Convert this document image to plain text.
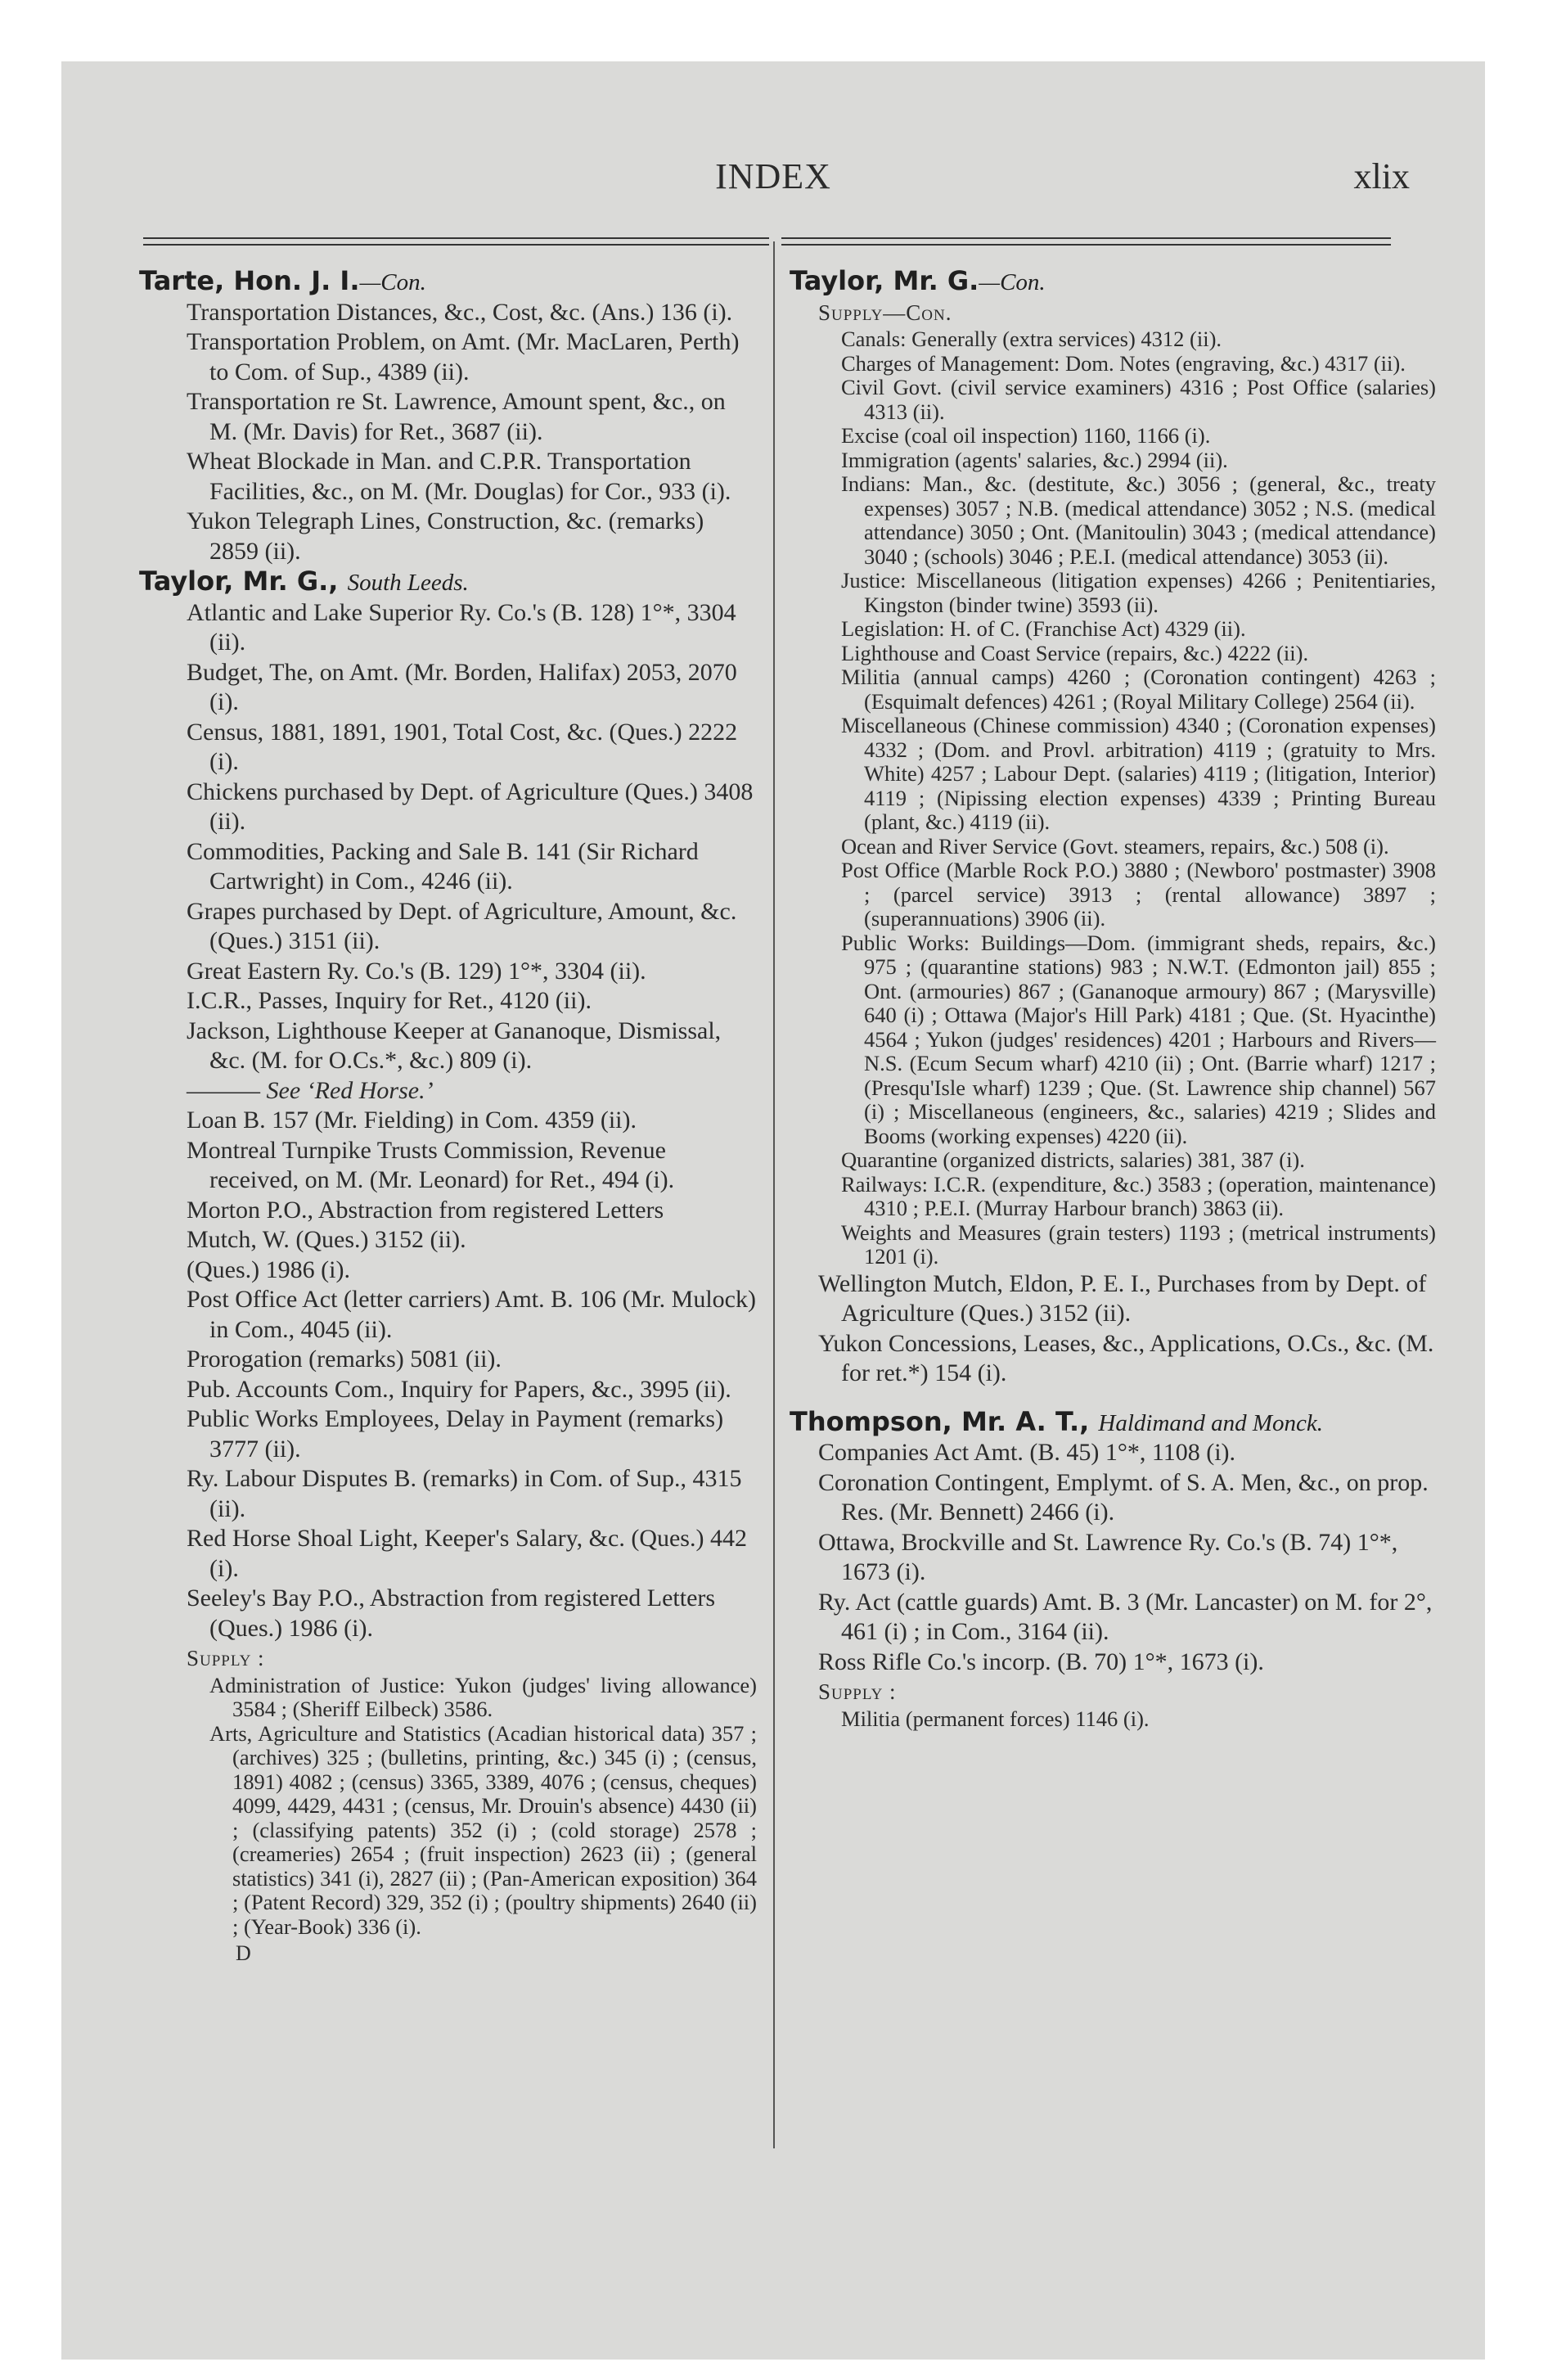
INDEX	xlix
Tarte, Hon. J. I.—Con.
Transportation Distances, &c., Cost, &c. (Ans.) 136 (i).
Transportation Problem, on Amt. (Mr. MacLaren, Perth) to Com. of Sup., 4389 (ii).
Transportation re St. Lawrence, Amount spent, &c., on M. (Mr. Davis) for Ret., 3687 (ii).
Wheat Blockade in Man. and C.P.R. Transportation Facilities, &c., on M. (Mr. Douglas) for Cor., 933 (i).
Yukon Telegraph Lines, Construction, &c. (remarks) 2859 (ii).
Taylor, Mr. G., South Leeds.
Atlantic and Lake Superior Ry. Co.'s (B. 128) 1°*, 3304 (ii).
Budget, The, on Amt. (Mr. Borden, Halifax) 2053, 2070 (i).
Census, 1881, 1891, 1901, Total Cost, &c. (Ques.) 2222 (i).
Chickens purchased by Dept. of Agriculture (Ques.) 3408 (ii).
Commodities, Packing and Sale B. 141 (Sir Richard Cartwright) in Com., 4246 (ii).
Grapes purchased by Dept. of Agriculture, Amount, &c. (Ques.) 3151 (ii).
Great Eastern Ry. Co.'s (B. 129) 1°*, 3304 (ii).
I.C.R., Passes, Inquiry for Ret., 4120 (ii).
Jackson, Lighthouse Keeper at Gananoque, Dismissal, &c. (M. for O.Cs.*, &c.) 809 (i).
——— See ‘Red Horse.’
Loan B. 157 (Mr. Fielding) in Com. 4359 (ii).
Montreal Turnpike Trusts Commission, Revenue received, on M. (Mr. Leonard) for Ret., 494 (i).
Morton P.O., Abstraction from registered Letters
Mutch, W. (Ques.) 3152 (ii).
(Ques.) 1986 (i).
Post Office Act (letter carriers) Amt. B. 106 (Mr. Mulock) in Com., 4045 (ii).
Prorogation (remarks) 5081 (ii).
Pub. Accounts Com., Inquiry for Papers, &c., 3995 (ii).
Public Works Employees, Delay in Payment (remarks) 3777 (ii).
Ry. Labour Disputes B. (remarks) in Com. of Sup., 4315 (ii).
Red Horse Shoal Light, Keeper's Salary, &c. (Ques.) 442 (i).
Seeley's Bay P.O., Abstraction from registered Letters (Ques.) 1986 (i).
Supply :
Administration of Justice: Yukon (judges' living allowance) 3584 ; (Sheriff Eilbeck) 3586.
Arts, Agriculture and Statistics (Acadian historical data) 357 ; (archives) 325 ; (bulletins, printing, &c.) 345 (i) ; (census, 1891) 4082 ; (census) 3365, 3389, 4076 ; (census, cheques) 4099, 4429, 4431 ; (census, Mr. Drouin's absence) 4430 (ii) ; (classifying patents) 352 (i) ; (cold storage) 2578 ; (creameries) 2654 ; (fruit inspection) 2623 (ii) ; (general statistics) 341 (i), 2827 (ii) ; (Pan-American exposition) 364 ; (Patent Record) 329, 352 (i) ; (poultry shipments) 2640 (ii) ; (Year-Book) 336 (i).
D
Taylor, Mr. G.—Con.
Supply—Con.
Canals: Generally (extra services) 4312 (ii).
Charges of Management: Dom. Notes (engraving, &c.) 4317 (ii).
Civil Govt. (civil service examiners) 4316 ; Post Office (salaries) 4313 (ii).
Excise (coal oil inspection) 1160, 1166 (i).
Immigration (agents' salaries, &c.) 2994 (ii).
Indians: Man., &c. (destitute, &c.) 3056 ; (general, &c., treaty expenses) 3057 ; N.B. (medical attendance) 3052 ; N.S. (medical attendance) 3050 ; Ont. (Manitoulin) 3043 ; (medical attendance) 3040 ; (schools) 3046 ; P.E.I. (medical attendance) 3053 (ii).
Justice: Miscellaneous (litigation expenses) 4266 ; Penitentiaries, Kingston (binder twine) 3593 (ii).
Legislation: H. of C. (Franchise Act) 4329 (ii).
Lighthouse and Coast Service (repairs, &c.) 4222 (ii).
Militia (annual camps) 4260 ; (Coronation contingent) 4263 ; (Esquimalt defences) 4261 ; (Royal Military College) 2564 (ii).
Miscellaneous (Chinese commission) 4340 ; (Coronation expenses) 4332 ; (Dom. and Provl. arbitration) 4119 ; (gratuity to Mrs. White) 4257 ; Labour Dept. (salaries) 4119 ; (litigation, Interior) 4119 ; (Nipissing election expenses) 4339 ; Printing Bureau (plant, &c.) 4119 (ii).
Ocean and River Service (Govt. steamers, repairs, &c.) 508 (i).
Post Office (Marble Rock P.O.) 3880 ; (Newboro' postmaster) 3908 ; (parcel service) 3913 ; (rental allowance) 3897 ; (superannuations) 3906 (ii).
Public Works: Buildings—Dom. (immigrant sheds, repairs, &c.) 975 ; (quarantine stations) 983 ; N.W.T. (Edmonton jail) 855 ; Ont. (armouries) 867 ; (Gananoque armoury) 867 ; (Marysville) 640 (i) ; Ottawa (Major's Hill Park) 4181 ; Que. (St. Hyacinthe) 4564 ; Yukon (judges' residences) 4201 ; Harbours and Rivers—N.S. (Ecum Secum wharf) 4210 (ii) ; Ont. (Barrie wharf) 1217 ; (Presqu'Isle wharf) 1239 ; Que. (St. Lawrence ship channel) 567 (i) ; Miscellaneous (engineers, &c., salaries) 4219 ; Slides and Booms (working expenses) 4220 (ii).
Quarantine (organized districts, salaries) 381, 387 (i).
Railways: I.C.R. (expenditure, &c.) 3583 ; (operation, maintenance) 4310 ; P.E.I. (Murray Harbour branch) 3863 (ii).
Weights and Measures (grain testers) 1193 ; (metrical instruments) 1201 (i).
Wellington Mutch, Eldon, P. E. I., Purchases from by Dept. of Agriculture (Ques.) 3152 (ii).
Yukon Concessions, Leases, &c., Applications, O.Cs., &c. (M. for ret.*) 154 (i).
Thompson, Mr. A. T., Haldimand and Monck.
Companies Act Amt. (B. 45) 1°*, 1108 (i).
Coronation Contingent, Emplymt. of S. A. Men, &c., on prop. Res. (Mr. Bennett) 2466 (i).
Ottawa, Brockville and St. Lawrence Ry. Co.'s (B. 74) 1°*, 1673 (i).
Ry. Act (cattle guards) Amt. B. 3 (Mr. Lancaster) on M. for 2°, 461 (i) ; in Com., 3164 (ii).
Ross Rifle Co.'s incorp. (B. 70) 1°*, 1673 (i).
Supply :
Militia (permanent forces) 1146 (i).
